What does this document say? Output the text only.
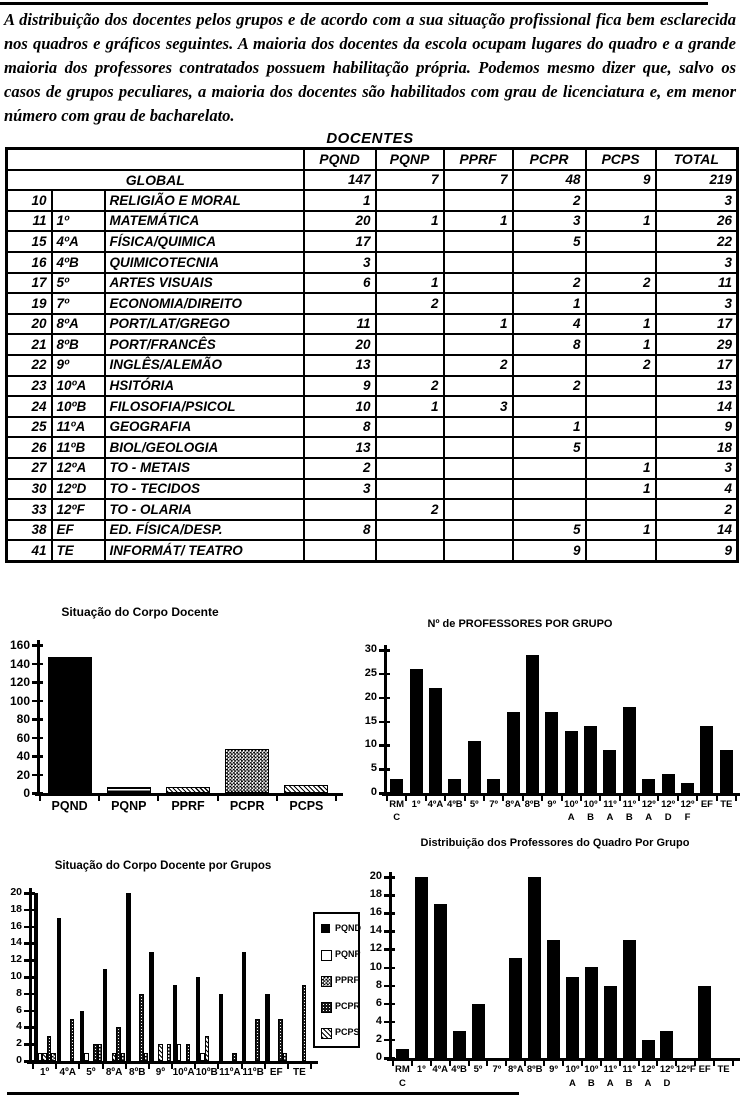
A distribuição dos docentes pelos grupos e de acordo com a sua situação profissional fica bem esclarecida nos quadros e gráficos seguintes. A maioria dos docentes da escola ocupam lugares do quadro e a grande maioria dos professores contratados possuem habilitação própria. Podemos mesmo dizer que, salvo os casos de grupos peculiares, a maioria dos docentes são habilitados com grau de licenciatura e, em menor número com grau de bacharelato.
DOCENTES
			PQND	PQNP	PPRF	PCPR	PCPS	TOTAL
GLOBAL			147	7	7	48	9	219
10		RELIGIÃO E MORAL	1			2		3
11	1º	MATEMÁTICA	20	1	1	3	1	26
15	4ºA	FÍSICA/QUIMICA	17			5		22
16	4ºB	QUIMICOTECNIA	3					3
17	5º	ARTES VISUAIS	6	1		2	2	11
19	7º	ECONOMIA/DIREITO		2		1		3
20	8ºA	PORT/LAT/GREGO	11		1	4	1	17
21	8ºB	PORT/FRANCÊS	20			8	1	29
22	9º	INGLÊS/ALEMÃO	13		2		2	17
23	10ºA	HSITÓRIA	9	2		2		13
24	10ºB	FILOSOFIA/PSICOL	10	1	3			14
25	11ºA	GEOGRAFIA	8			1		9
26	11ºB	BIOL/GEOLOGIA	13			5		18
27	12ºA	TO - METAIS	2				1	3
30	12ºD	TO - TECIDOS	3				1	4
33	12ºF	TO - OLARIA		2				2
38	EF	ED. FÍSICA/DESP.	8			5	1	14
41	TE	INFORMÁT/ TEATRO				9		9
Situação do Corpo Docente
0
20
40
60
80
100
120
140
160
PQND	PQNP	PPRF	PCPR	PCPS
Nº de PROFESSORES POR GRUPO
0
5
10
15
20
25
30
RM
C
1º 4ºA 4ºB 5º	7º 8ºA 8ºB 9º 10º
A
10º
B
11º
A
11º
B
12º
A
12º
D
12º
F
EF TE
Situação do Corpo Docente por Grupos
PQND
PQNP
PPRF
PCPR
PCPS
0
2
4
6
8
10
12
14
16
18
20
1º	4ºA	5º	8ºA 8ºB	9º 10ºA 10ºB 11ºA 11ºB EF	TE
Distribuição dos Professores do Quadro Por Grupo
0
2
4
6
8
10
12
14
16
18
20
RM
C
1º 4ºA 4ºB 5º	7º 8ºA 8ºB 9º 10º
A
10º
B
11º
A
11º
B
12º
A
12º
D
12ºF EF TE
